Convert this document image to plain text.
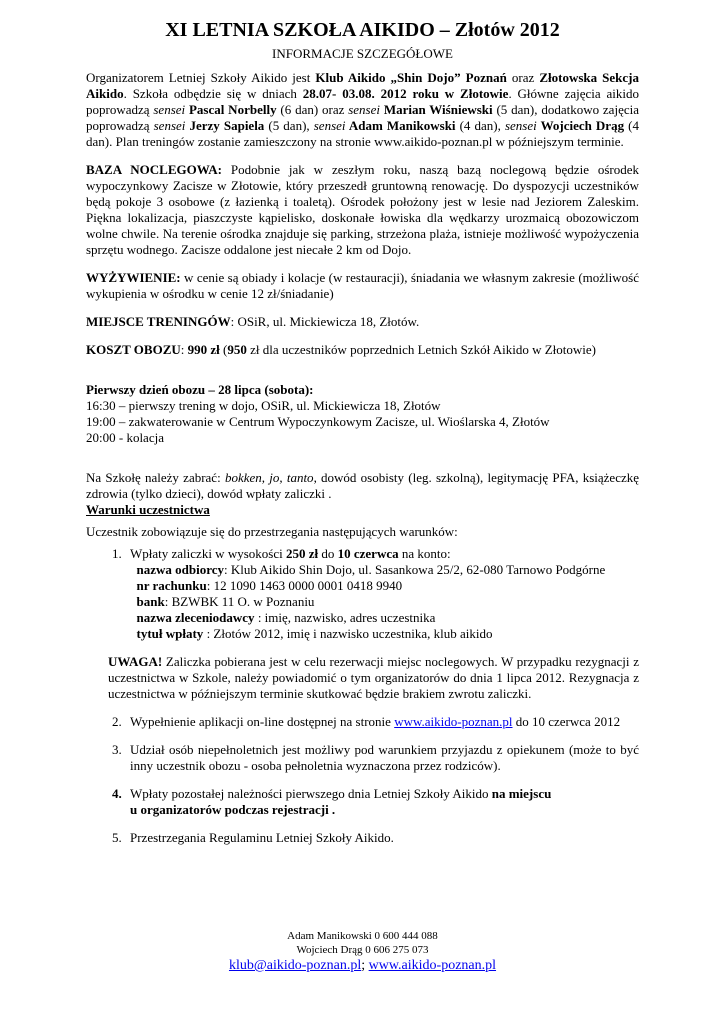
XI LETNIA SZKOŁA AIKIDO – Złotów 2012
INFORMACJE SZCZEGÓŁOWE

Organizatorem Letniej Szkoły Aikido jest Klub Aikido „Shin Dojo” Poznań oraz Złotowska Sekcja Aikido. Szkoła odbędzie się w dniach 28.07- 03.08. 2012 roku w Złotowie. Główne zajęcia aikido poprowadzą sensei Pascal Norbelly (6 dan) oraz sensei Marian Wiśniewski (5 dan), dodatkowo zajęcia poprowadzą sensei Jerzy Sapiela (5 dan), sensei Adam Manikowski (4 dan), sensei Wojciech Drąg (4 dan). Plan treningów zostanie zamieszczony na stronie www.aikido-poznan.pl w późniejszym terminie.

BAZA NOCLEGOWA: Podobnie jak w zeszłym roku, naszą bazą noclegową będzie ośrodek wypoczynkowy Zacisze w Złotowie, który przeszedł gruntowną renowację. Do dyspozycji uczestników będą pokoje 3 osobowe (z łazienką i toaletą). Ośrodek położony jest w lesie nad Jeziorem Zaleskim. Piękna lokalizacja, piaszczyste kąpielisko, doskonałe łowiska dla wędkarzy urozmaicą obozowiczom wolne chwile. Na terenie ośrodka znajduje się parking, strzeżona plaża, istnieje możliwość wypożyczenia sprzętu wodnego. Zacisze oddalone jest niecałe 2 km od Dojo.

WYŻYWIENIE: w cenie są obiady i kolacje (w restauracji), śniadania we własnym zakresie (możliwość wykupienia w ośrodku w cenie 12 zł/śniadanie)

MIEJSCE TRENINGÓW: OSiR, ul. Mickiewicza 18, Złotów.

KOSZT OBOZU: 990 zł (950 zł dla uczestników poprzednich Letnich Szkół Aikido w Złotowie)

Pierwszy dzień obozu – 28 lipca (sobota):
16:30 – pierwszy trening w dojo, OSiR, ul. Mickiewicza 18, Złotów
19:00 – zakwaterowanie w Centrum Wypoczynkowym Zacisze, ul. Wioślarska 4, Złotów
20:00 - kolacja

Na Szkołę należy zabrać: bokken, jo, tanto, dowód osobisty (leg. szkolną), legitymację PFA, książeczkę zdrowia (tylko dzieci), dowód wpłaty zaliczki .

Warunki uczestnictwa

Uczestnik zobowiązuje się do przestrzegania następujących warunków:

1. Wpłaty zaliczki w wysokości 250 zł do 10 czerwca na konto:
nazwa odbiorcy: Klub Aikido Shin Dojo, ul. Sasankowa 25/2, 62-080 Tarnowo Podgórne
nr rachunku: 12 1090 1463 0000 0001 0418 9940
bank: BZWBK 11 O. w Poznaniu
nazwa zleceniodawcy : imię, nazwisko, adres uczestnika
tytuł wpłaty : Złotów 2012, imię i nazwisko uczestnika, klub aikido

UWAGA! Zaliczka pobierana jest w celu rezerwacji miejsc noclegowych. W przypadku rezygnacji z uczestnictwa w Szkole, należy powiadomić o tym organizatorów do dnia 1 lipca 2012. Rezygnacja z uczestnictwa w późniejszym terminie skutkować będzie brakiem zwrotu zaliczki.

2. Wypełnienie aplikacji on-line dostępnej na stronie www.aikido-poznan.pl do 10 czerwca 2012
3. Udział osób niepełnoletnich jest możliwy pod warunkiem przyjazdu z opiekunem (może to być inny uczestnik obozu - osoba pełnoletnia wyznaczona przez rodziców).
4. Wpłaty pozostałej należności pierwszego dnia Letniej Szkoły Aikido na miejscu
u organizatorów podczas rejestracji .
5. Przestrzegania Regulaminu Letniej Szkoły Aikido.
Adam Manikowski 0 600 444 088
Wojciech Drąg 0 606 275 073
klub@aikido-poznan.pl; www.aikido-poznan.pl
